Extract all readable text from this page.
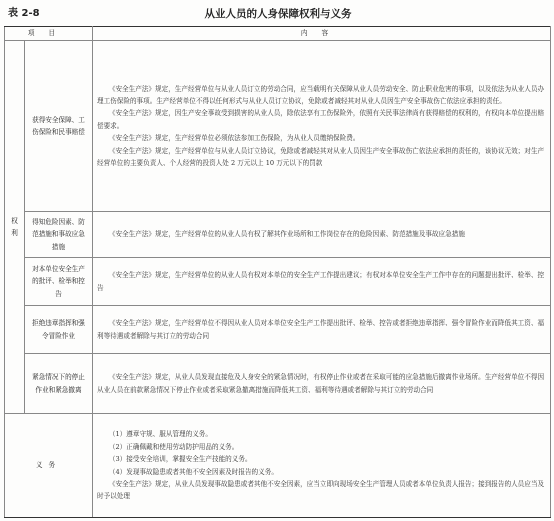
表 2-8	从业人员的人身保障权利与义务
项目		内容
权利	获得安全保障、工伤保险和民事赔偿	《安全生产法》规定，生产经营单位与从业人员订立的劳动合同，应当载明有关保障从业人员劳动安全、防止职业危害的事项，以及依法为从业人员办理工伤保险的事项。生产经营单位不得以任何形式与从业人员订立协议，免除或者减轻其对从业人员因生产安全事故伤亡依法应承担的责任。

《安全生产法》规定，因生产安全事故受到损害的从业人员，除依法享有工伤保险外，依照有关民事法律尚有获得赔偿的权利的，有权向本单位提出赔偿要求。

《安全生产法》规定，生产经营单位必须依法参加工伤保险，为从业人员缴纳保险费。

《安全生产法》规定，生产经营单位与从业人员订立协议，免除或者减轻其对从业人员因生产安全事故伤亡依法应承担的责任的，该协议无效；对生产经营单位的主要负责人、个人经营的投资人处 2 万元以上 10 万元以下的罚款

	得知危险因素、防范措施和事故应急措施	《安全生产法》规定，生产经营单位的从业人员有权了解其作业场所和工作岗位存在的危险因素、防范措施及事故应急措施

	对本单位安全生产的批评、检举和控告	《安全生产法》规定，生产经营单位的从业人员有权对本单位的安全生产工作提出建议；有权对本单位安全生产工作中存在的问题提出批评、检举、控告

	拒绝违章指挥和强令冒险作业	《安全生产法》规定，生产经营单位不得因从业人员对本单位安全生产工作提出批评、检举、控告或者拒绝违章指挥、强令冒险作业而降低其工资、福利等待遇或者解除与其订立的劳动合同

	紧急情况下的停止作业和紧急撤离	《安全生产法》规定，从业人员发现直接危及人身安全的紧急情况时，有权停止作业或者在采取可能的应急措施后撤离作业场所。生产经营单位不得因从业人员在前款紧急情况下停止作业或者采取紧急撤离措施而降低其工资、福利等待遇或者解除与其订立的劳动合同

义务		（1）遵章守规、服从管理的义务。

（2）正确佩戴和使用劳动防护用品的义务。

（3）接受安全培训，掌握安全生产技能的义务。

（4）发现事故隐患或者其他不安全因素及时报告的义务。

《安全生产法》规定，从业人员发现事故隐患或者其他不安全因素，应当立即向现场安全生产管理人员或者本单位负责人报告；接到报告的人员应当及时予以处理
